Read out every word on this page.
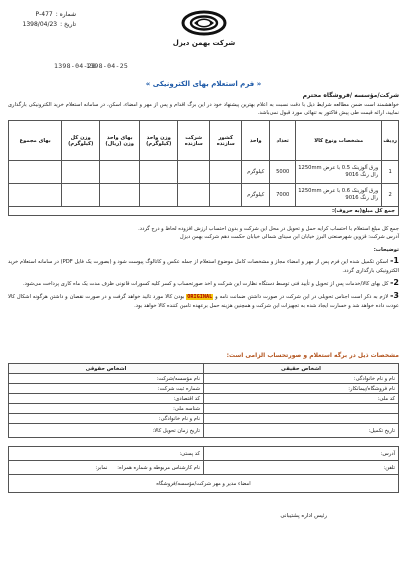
شماره :
477-P
تاریخ :
1398/04/23
شرکت بهمن دیزل
1398-04-28
1398-04-25
« فرم استعلام بهای الکترونیکی »
شرکت/مؤسسه /فروشگاه محترم
خواهشمند است ضمن مطالعه شرایط ذیل با دقت نسبت به اعلام بهترین پیشنهاد خود در این برگ اقدام و پس از مهر و امضاء، اسکن، در سامانه استعلام خرید الکترونیکی بارگذاری نمایید، ارائه قیمت طی پیش فاکتور به تنهائی مورد قبول نمی‌باشد.
ردیف	مشخصات ونوع کالا	تعداد	واحد	کشور سازنده	شرکت سازنده	وزن واحد (کیلوگرم)	بهای واحد وزن (ریال)	وزن کل (کیلوگرم)	بهای مجموع
1	ورق آلوزینک 0.5 با عرض 1250mm رال رنگ 9016	5000	کیلوگرم						
2	ورق آلوزینک 0.6 با عرض 1250mm رال رنگ 9016	7000	کیلوگرم						
جمع کل مبلغ(به حروف):									
جمع کل مبلغ استعلام با احتساب کرایه حمل و تحویل در محل این شرکت و بدون احتساب ارزش افزوده لحاظ و درج گردد.
آدرس شرکت: قزوین شهرصنعتی البرز خیابان ابن سینای شمالی خیابان حکمت دهم شرکت بهمن دیزل
توضیحات:
1- اسکن تکمیل شده این فرم پس از مهر و امضاء مجاز و مشخصات کامل موضوع استعلام از جمله عکس و کاتالوگ پیوست شود و (بصورت یک فایل PDF) در سامانه استعلام خرید الکترونیکی بارگذاری گردد.
2- کل بهای کالا/خدمات پس از تحویل و تأیید فنی توسط دستگاه نظارت این شرکت و اخذ صورتحساب و کسر کلیه کسورات قانونی ظرف مدت یک ماه کاری پرداخت می‌شود.
3- لازم به ذکر است اجناس تحویلی در این شرکت در صورت داشتن ضمانت نامه و ORIGINAL بودن کالا مورد تائید خواهد گرفت و در صورت نقصان و داشتن هرگونه اشکال کالا عودت داده خواهد شد و خسارت ایجاد شده به تجهیزات این شرکت و همچنین هزینه حمل برعهده تامین کننده کالا خواهد بود.
مشخصات ذیل در برگه استعلام و صورتحساب الزامی است:
اشخاص حقیقی	اشخاص حقوقی
نام و نام خانوادگی:	نام مؤسسه/شرکت:
نام فروشگاه/پیمانکار:	شماره ثبت شرکت:
کد ملی:	کد اقتصادی:
	شناسه ملی:
	نام و نام خانوادگی:
تاریخ تکمیل:	تاریخ زمان تحویل کالا:
آدرس:	کد پستی:
تلفن:	نام کارشناس مربوطه و شماره همراه:      نمابر:
امضاء مدیر و مهر شرکت/مؤسسه/فروشگاه	
رئیس اداره پشتیبانی
